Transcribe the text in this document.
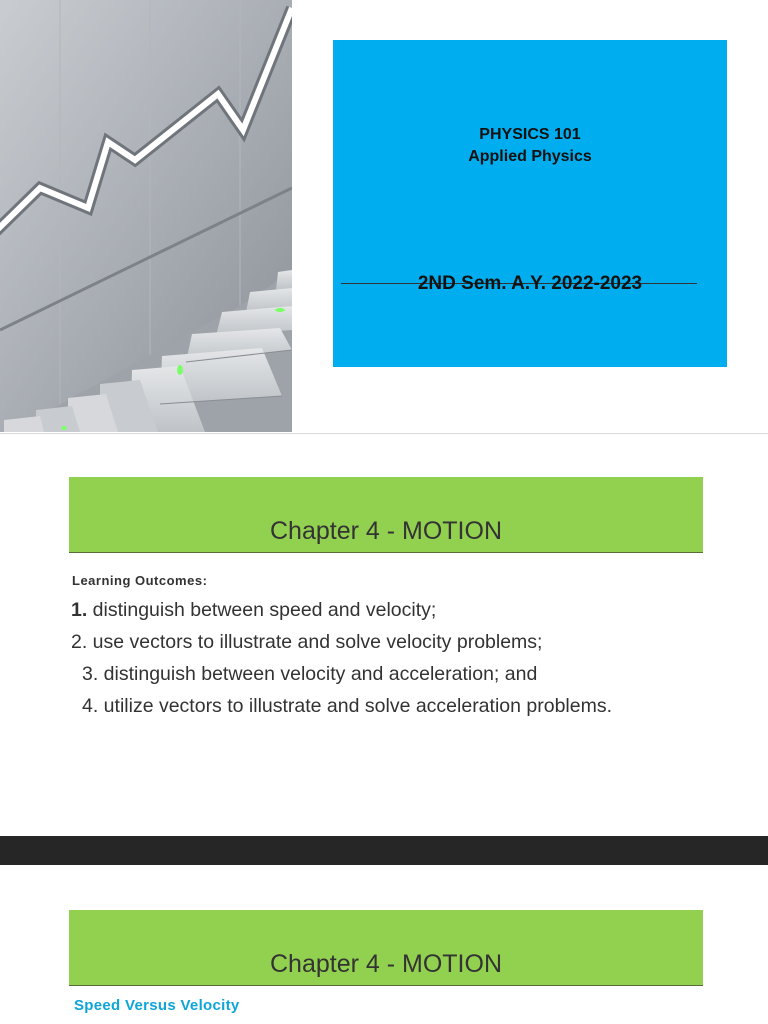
PHYSICS 101
Applied Physics
2ND Sem. A.Y. 2022-2023
Chapter 4 - MOTION
Learning Outcomes:
1. distinguish between speed and velocity;
2. use vectors to illustrate and solve velocity problems;
3. distinguish between velocity and acceleration; and
4. utilize vectors to illustrate and solve acceleration problems.
Chapter 4 - MOTION
Speed Versus Velocity
